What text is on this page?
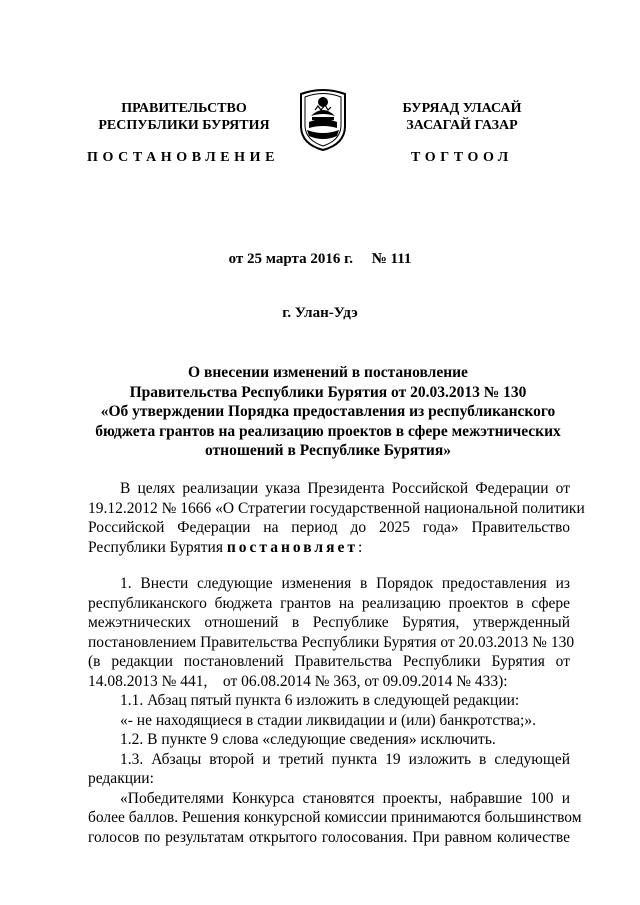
ПРАВИТЕЛЬСТВО
РЕСПУБЛИКИ БУРЯТИЯ
ПОСТАНОВЛЕНИЕ
БУРЯАД УЛАСАЙ
ЗАСАГАЙ ГАЗАР
ТОГТООЛ
от 25 марта 2016 г.     № 111
г. Улан-Удэ
О внесении изменений в постановление
Правительства Республики Бурятия от 20.03.2013 № 130
«Об утверждении Порядка предоставления из республиканского
бюджета грантов на реализацию проектов в сфере межэтнических
отношений в Республике Бурятия»
В целях реализации указа Президента Российской Федерации от
19.12.2012 № 1666 «О Стратегии государственной национальной политики
Российской Федерации на период до 2025 года» Правительство
Республики Бурятия постановляет:
1. Внести следующие изменения в Порядок предоставления из
республиканского бюджета грантов на реализацию проектов в сфере
межэтнических отношений в Республике Бурятия, утвержденный
постановлением Правительства Республики Бурятия от 20.03.2013 № 130
(в редакции постановлений Правительства Республики Бурятия от
14.08.2013 № 441,    от 06.08.2014 № 363, от 09.09.2014 № 433):
1.1. Абзац пятый пункта 6 изложить в следующей редакции:
«- не находящиеся в стадии ликвидации и (или) банкротства;».
1.2. В пункте 9 слова «следующие сведения» исключить.
1.3. Абзацы второй и третий пункта 19 изложить в следующей
редакции:
«Победителями Конкурса становятся проекты, набравшие 100 и
более баллов. Решения конкурсной комиссии принимаются большинством
голосов по результатам открытого голосования. При равном количестве
